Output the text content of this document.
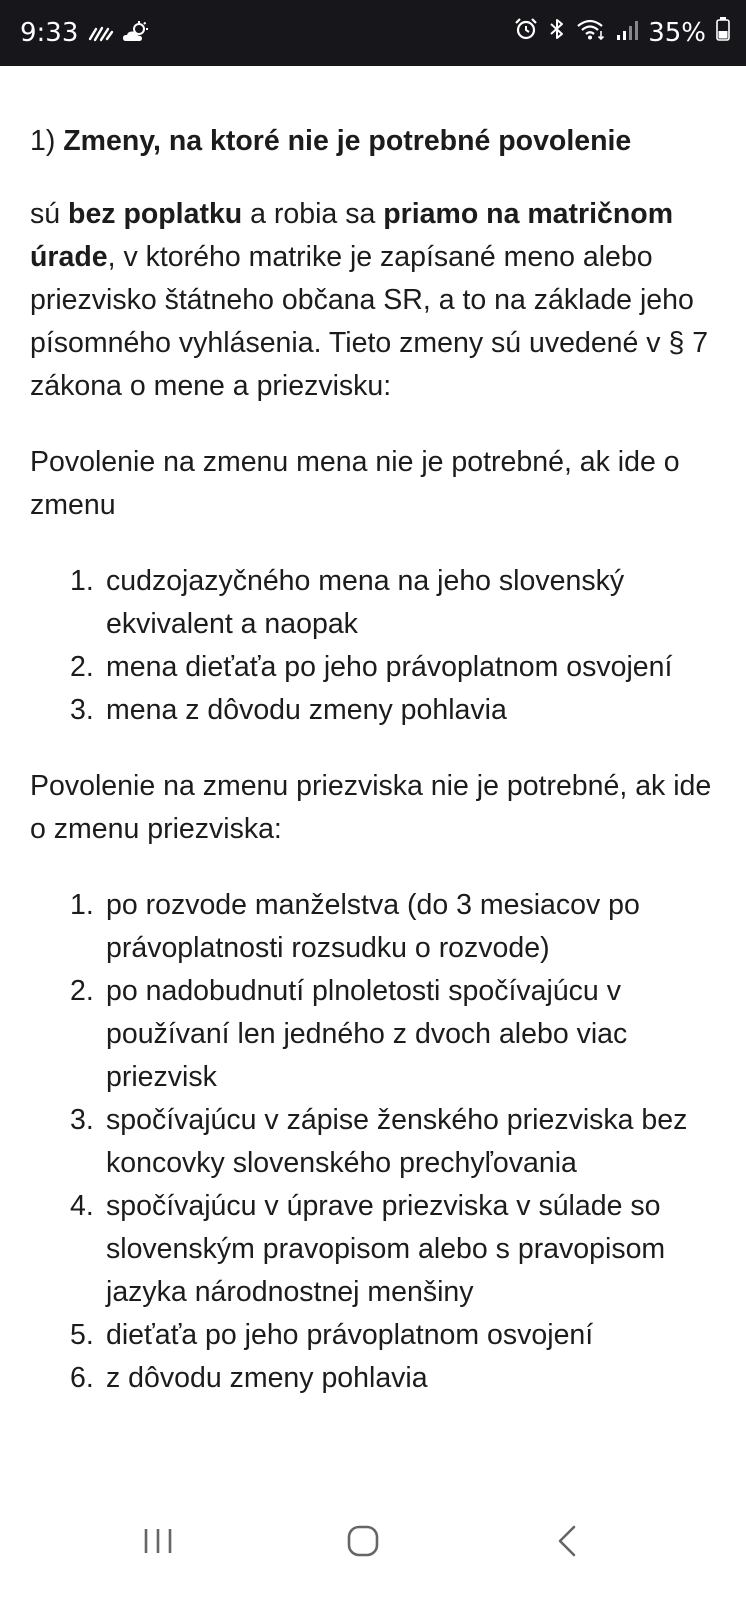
9:33	35%

1) Zmeny, na ktoré nie je potrebné povolenie

sú bez poplatku a robia sa priamo na matričnom úrade, v ktorého matrike je zapísané meno alebo priezvisko štátneho občana SR, a to na základe jeho písomného vyhlásenia. Tieto zmeny sú uvedené v § 7 zákona o mene a priezvisku:

Povolenie na zmenu mena nie je potrebné, ak ide o zmenu

1. cudzojazyčného mena na jeho slovenský ekvivalent a naopak
2. mena dieťaťa po jeho právoplatnom osvojení
3. mena z dôvodu zmeny pohlavia

Povolenie na zmenu priezviska nie je potrebné, ak ide o zmenu priezviska:

1. po rozvode manželstva (do 3 mesiacov po právoplatnosti rozsudku o rozvode)
2. po nadobudnutí plnoletosti spočívajúcu v používaní len jedného z dvoch alebo viac priezvisk
3. spočívajúcu v zápise ženského priezviska bez koncovky slovenského prechyľovania
4. spočívajúcu v úprave priezviska v súlade so slovenským pravopisom alebo s pravopisom jazyka národnostnej menšiny
5. dieťaťa po jeho právoplatnom osvojení
6. z dôvodu zmeny pohlavia
